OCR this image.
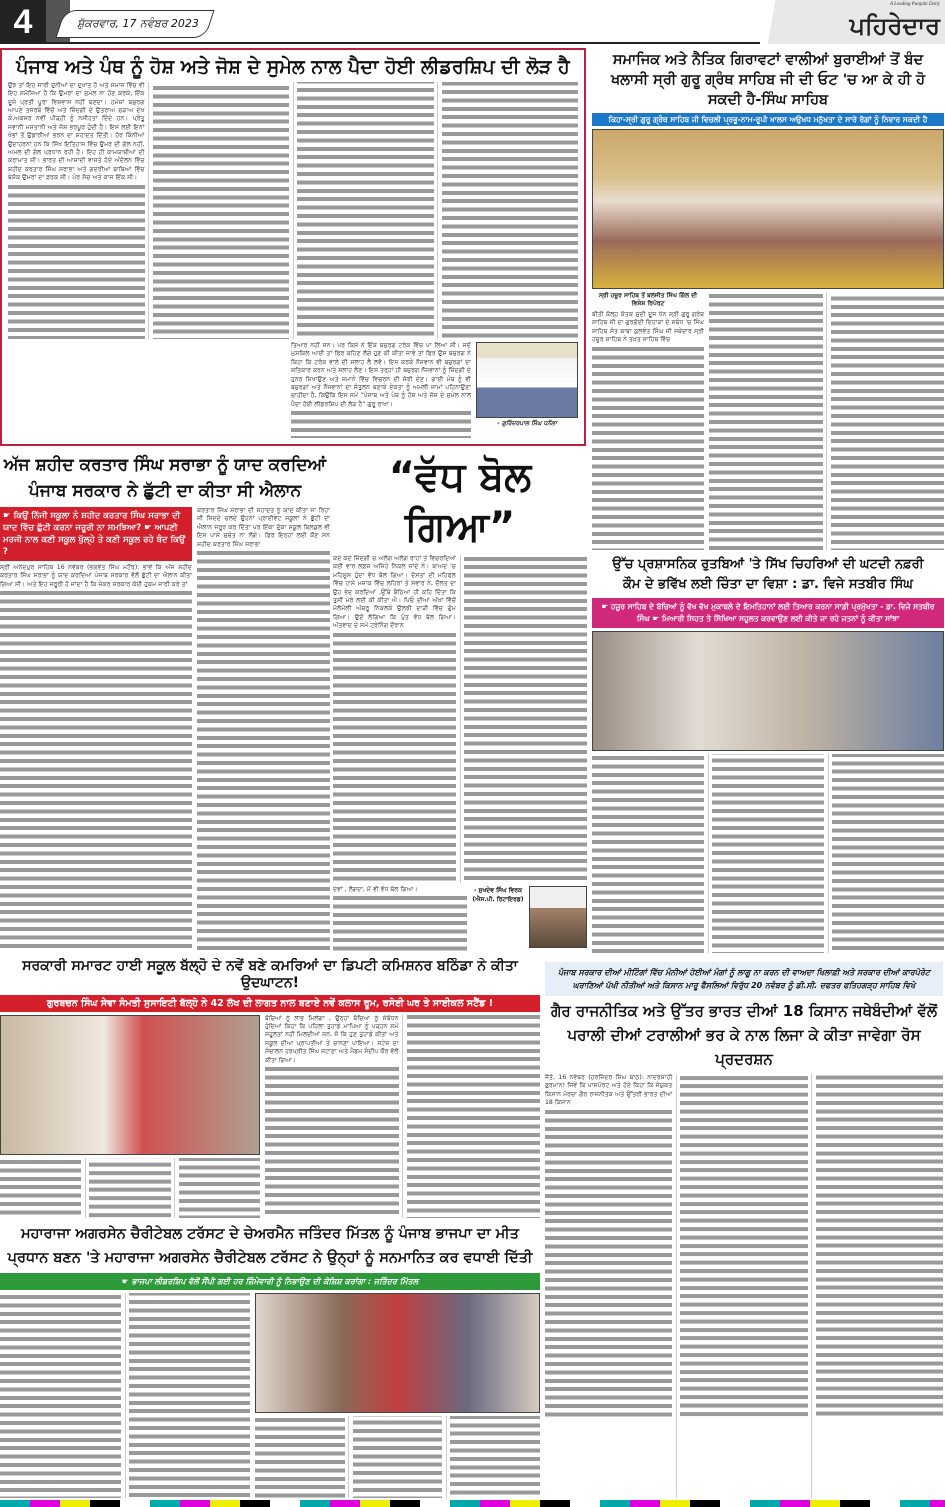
4	ਸ਼ੁੱਕਰਵਾਰ, 17 ਨਵੰਬਰ 2023
A Leading Punjabi Daily
ਪਹਿਰੇਦਾਰ
ਪੰਜਾਬ ਅਤੇ ਪੰਥ ਨੂੰ ਹੋਸ਼ ਅਤੇ ਜੋਸ਼ ਦੇ ਸੁਮੇਲ ਨਾਲ ਪੈਦਾ ਹੋਈ ਲੀਡਰਸ਼ਿਪ ਦੀ ਲੋੜ ਹੈ
ਉਂਝ ਤਾਂ ਇਹ ਸਾਰੀ ਦੁਨੀਆਂ ਦਾ ਦੁਖਾਂਤ ਹੈ ਅਤੇ ਸਮਾਜ ਵਿੱਚ ਵੀ ਇਹ ਸਮੱਸਿਆ ਹੈ ਕਿ ਉਮਰਾਂ ਦਾ ਸੁਮੇਲ ਨਾ ਹੋਣ ਕਰਕੇ, ਇੱਕ ਦੂਜੇ ਪ੍ਰਤੀ ਪੂਰਾ ਵਿਸ਼ਵਾਸ ਨਹੀਂ ਬਣਦਾ। ਹਮੇਸ਼ਾਂ ਬਜ਼ੁਰਗ ਆਪਣੇ ਤਜਰਬੇ ਵਿੱਚੋਂ ਅਤੇ ਜ਼ਿੰਦਗੀ ਦੇ ਉਤਰਾਅ ਚੜਾਅ ਦੇਖ ਕੇ,ਅਕਸਰ ਨਵੀਂ ਪੀੜ੍ਹੀ ਨੂੰ ਨਸੀਹਤਾਂ ਦਿੰਦੇ ਹਨ। ਪ੍ਰੰਤੂ ਜਵਾਨੀ ਮਸਤਾਨੀ ਅਤੇ ਜੋਸ਼ ਭਰਪੂਰ ਹੁੰਦੀ ਹੈ। ਇਸ ਲਈ ਇਨਾਂ ਖੰਭਾਂ ਤੋਂ ਉਡਾਰੀਆਂ ਭਰਨ ਦਾ ਸ਼ਹਾਦਤ ਦਿੱਤੀ। ਹੋਰ ਕਿੰਨੀਆਂ ਉਦਾਹਰਨਾਂ ਹਨ ਕਿ ਸਿੱਖ ਇਤਿਹਾਸ ਵਿੱਚ ਉਮਰ ਦੀ ਗੱਲ ਨਹੀਂ, ਅਮਲ ਦੀ ਗੱਲ ਪ੍ਰਧਾਨ ਰਹੀ ਹੈ। ਇਹ ਹੀ ਕਾਮਯਾਬੀਆਂ ਦੀ ਕਰਾਮਾਤ ਸੀ। ਭਾਰਤ ਦੀ ਆਜ਼ਾਦੀ ਵਾਸਤੇ ਹੋਏ ਅੰਦੋਲਨ ਵਿੱਚ ਸ਼ਹੀਦ ਕਰਤਾਰ ਸਿੰਘ ਸਰਾਭਾ ਅਤੇ ਗਦਰੀਆਂ ਬਾਬਿਆਂ ਵਿੱਚ ਬੇਸ਼ੱਕ ਉਮਰਾਂ ਦਾ ਫ਼ਰਕ ਸੀ। ਪੰਰ ਸੋਚ ਅਤੇ ਕਾਜ ਇੱਕ ਸੀ।
ਤਿਆਰ ਨਹੀਂ ਸਨ। ਪਰ ਕਿਸੇ ਨੇ ਇੱਕ ਬਜ਼ੁਰਗ ਟਰੰਕ ਵਿੱਚ ਪਾ ਲਿਆ ਸੀ। ਜਦੋਂ ਮੁਸ਼ਕਿਲ ਆਈ ਤਾਂ ਫਿਰ ਕਹਿਣ ਲੱਗੇ ਹੁਣ ਕੀ ਕੀਤਾ ਜਾਵੇ ਤਾਂ ਫਿਰ ਉਸ ਬਜ਼ੁਰਗ ਨੇ ਕਿਹਾ ਕਿ ਟਰੰਕ ਵਾਲੇ ਦੀ ਸਲਾਹ ਲੈ ਲਵੋ। ਇਸ ਕਰਕੇ ਨੌਜਵਾਨ ਵੀ ਬਜ਼ੁਰਗਾਂ ਦਾ ਸਤਿਕਾਰ ਕਰਨ ਅਤੇ ਸਲਾਹ ਲੈਣ। ਇਸ ਤਰ੍ਹਾਂ ਹੀ ਬਜ਼ੁਰਗ ਨੌਜਵਾਨਾਂ ਨੂੰ ਜ਼ਿੰਦਗੀ ਦੇ ਹੁਨਰ ਸਿਖਾਉਣ ਅਤੇ ਜ਼ਮਾਨੇ ਵਿੱਚ ਵਿਚਰਨ ਦੀ ਸੋਝੀ ਦੇਣ। ਗਾਈ ਮੰਥ ਨੂੰ ਵੀ ਬਜ਼ੁਰਗਾਂ ਅਤੇ ਨੌਜਵਾਨਾਂ ਦਾ ਸੰਤੁਲਨ ਬਣਾਕੇ ਏਕਤਾ ਨੂੰ ਅਮਲੀ ਜਾਮਾਂ ਪਹਿਨਾਉਣਾ ਚਾਹੀਦਾ ਹੈ, ਕਿਉਂਕਿ ਇਸ ਸਮੇਂ “ਪੰਜਾਬ ਅਤੇ ਪੰਥ ਨੂੰ ਹੋਸ਼ ਅਤੇ ਜੋਸ਼ ਦੇ ਸੁਮੇਲ ਨਾਲ ਪੈਦਾ ਹੋਈ ਲੀਡਰਸ਼ਿਪ ਦੀ ਲੋੜ ਹੈ” ਗੁਰੂ ਰਾਖਾ।
- ਗੁਰਿੰਦਰਪਾਲ ਸਿੰਘ ਧਨੌਲਾ
ਸਮਾਜਿਕ ਅਤੇ ਨੈਤਿਕ ਗਿਰਾਵਟਾਂ ਵਾਲੀਆਂ ਬੁਰਾਈਆਂ ਤੋਂ ਬੰਦ ਖਲਾਸੀ ਸ੍ਰੀ ਗੁਰੂ ਗ੍ਰੰਥ ਸਾਹਿਬ ਜੀ ਦੀ ਓਟ 'ਚ ਆ ਕੇ ਹੀ ਹੋ ਸਕਦੀ ਹੈ-ਸਿੰਘ ਸਾਹਿਬ
ਕਿਹਾ-ਸ੍ਰੀ ਗੁਰੂ ਗ੍ਰੰਥ ਸਾਹਿਬ ਜੀ ਵਿਚਲੀ ਪ੍ਰਭੂ-ਨਾਮ-ਰੂਪੀ ਖਾਲਸ ਅਉਖਧ ਮਨੁੱਖਤਾ ਦੇ ਸਾਰੇ ਰੋਗਾਂ ਨੂੰ ਨਿਵਾਰ ਸਕਦੀ ਹੈ
ਸ੍ਰੀ ਹਜ਼ੂਰ ਸਾਹਿਬ ਤੋਂ ਬਲਜੀਤ ਸਿੰਘ ਗਿੱਲ ਦੀ ਵਿਸ਼ੇਸ਼ ਰਿਪੋਰਟ
ਬੀਤੀ ਕੱਲ੍ਹ ਕੱਤਕ ਸੁਦੀ ਦੂਜ ਧੰਨ ਸ੍ਰੀ ਗੁਰੂ ਗ੍ਰੰਥ ਸਾਹਿਬ ਜੀ ਦਾ ਗੁਰਗੱਦੀ ਦਿਹਾੜਾ ਦੇ ਸਬੰਧ 'ਚ ਸਿੰਘ ਸਾਹਿਬ ਸੰਤ ਬਾਬਾ ਕੁਲਵੰਤ ਸਿੰਘ ਜੀ ਜਥੇਦਾਰ ਸ੍ਰੀ ਹਜ਼ੂਰ ਸਾਹਿਬ ਨੇ ਤਖ਼ਤ ਸਾਹਿਬ ਵਿੱਚ
ਅੱਜ ਸ਼ਹੀਦ ਕਰਤਾਰ ਸਿੰਘ ਸਰਾਭਾ ਨੂੰ ਯਾਦ ਕਰਦਿਆਂ
ਪੰਜਾਬ ਸਰਕਾਰ ਨੇ ਛੁੱਟੀ ਦਾ ਕੀਤਾ ਸੀ ਐਲਾਨ
☛ ਕਿਉਂ ਨਿੱਜੀ ਸਕੂਲਾ ਨੇ ਸ਼ਹੀਦ ਕਰਤਾਰ ਸਿੰਘ ਸਰਾਭਾ ਦੀ ਯਾਦ ਵਿੱਚ ਛੁੱਟੀ ਕਰਨਾ ਜਰੂਰੀ ਨਾ ਸਮਝਿਆ? ☛ ਆਪਣੀ ਮਰਜੀ ਨਾਲ ਕਣੀ ਸਕੂਲ ਖੁੱਲ੍ਹੇ ਤੇ ਕਣੀ ਸਕੂਲ ਰਹੇ ਬੰਦ ਕਿਉਂ ?
ਸ੍ਰੀ ਅਨੰਦਪੁਰ ਸਾਹਿਬ 16 ਨਵੰਬਰ (ਭਗਵੰਤ ਸਿੰਘ ਮਟੌਰ): ਭਾਵੇਂ ਕਿ ਅੱਜ ਸ਼ਹੀਦ ਕਰਤਾਰ ਸਿੰਘ ਸਰਾਭਾ ਨੂੰ ਯਾਦ ਕਰਦਿਆਂ ਪੰਜਾਬ ਸਰਕਾਰ ਵੱਲੋਂ ਛੁੱਟੀ ਦਾ ਐਲਾਨ ਕੀਤਾ ਗਿਆ ਸੀ। ਅਤੇ ਇਹ ਜਰੂਰੀ ਹੋ ਜਾਂਦਾ ਹੈ ਕਿ ਜੇਕਰ ਸਰਕਾਰ ਕੋਈ ਹੁਕਮ ਜਾਰੀ ਕਰੇ ਤਾਂ
ਕਰਤਾਰ ਸਿੰਘ ਸਰਾਭਾ ਦੀ ਸ਼ਹਾਦਤ ਨੂੰ ਯਾਦ ਕੀਤਾ ਜਾ ਰਿਹਾ ਸੀ ਜਿਦਦੇ ਚਲਦੇ ਉਹਨਾਂ ਪ੍ਰਾਈਵੇਟ ਸਕੂਲਾਂ ਨੇ ਛੁੱਟੀ ਦਾ ਐਲਾਨ ਜਰੂਰ ਕਰ ਦਿੱਤਾ ਪਰ ਇੱਕਾ ਦੁੱਕਾ ਸਕੂਲ ਬਿਲਕੁਲ ਵੀ ਇਸ ਪਾਸੇ ਸੁਚੇਤ ਨਾ ਲੱਗੇ। ਫਿਰ ਇਨ੍ਹਾਂ ਲਈ ਕੌਣ ਸਨ ਸ਼ਹੀਦ ਕਰਤਾਰ ਸਿੰਘ ਸਰਾਭਾ
“ਵੱਧ ਬੋਲ ਗਿਆ”
ਕਦੇ ਕਦੇ ਜ਼ਿੰਦਗੀ ਚ ਅਲੱਗ ਅਲੱਗ ਰਾਹਾਂ ਤੇ ਵਿਚਰਦਿਆਂ ਕਈ ਵਾਰ ਲਫ਼ਜ਼ ਅਜਿਹੇ ਨਿਕਲ ਜਾਂਦੇ ਨੇ। ਬਾਅਦ 'ਚ ਮਹਿਸੂਸ ਹੁੰਦਾ ਵੱਧ ਬੋਲ ਗਿਆ। ਦੋਸਤਾਂ ਦੀ ਮਹਿਫਲ ਵਿੱਚ ਹਾਸੇ ਮਜ਼ਾਕ ਵਿੱਚ ਲਹਿਰਾਂ ਤੇ ਸਵਾਰ ਨੇ, ਦੌਲਤ ਦਾ ਉਹ ਭੇਦ ਕਰਦਿਆਂ ,ਉੱਥੇ ਬੈਠਿਆਂ ਹੀ ਕਹਿ ਦਿੱਤਾ ਕਿ ਤੁਸੀਂ ਮੇਰੇ ਲਈ ਕੀ ਕੀਤਾ ਐ। ਪਿਓ ਦੀਆਂ ਅੱਖਾਂ ਵਿੱਚੋਂ ਮੱਲੋਮੱਲੀ ਅੱਥਰੂ ਨਿਕਲਕੇ ਉਲਝੀ ਦਾੜੀ ਵਿੱਚ ਗੁੰਮ ਗਿਆ। ਉਦੋਂ ਲੱਗਿਆ ਕਿ ਪੁੱਤ ਵੱਧ ਬੋਲ ਗਿਆ। ਅੱਤਵਾਦ ਦੇ ਸਮੇਂ ਟ੍ਰੇਨਿੰਗ ਦੌਰਾਨ
ਦੇਵਾਂ , ਲੱਗਦਾ, ਮੈਂ ਵੀ ਵੱਧ ਬੋਲ ਗਿਆ।	- ਸੁਖਦੇਵ ਸਿੰਘ ਵਿਰਕ (ਐਸ.ਪੀ. ਰਿਟਾਇਰਡ)
ਉੱਚ ਪ੍ਰਸ਼ਾਸਨਿਕ ਰੁਤਬਿਆਂ 'ਤੇ ਸਿੱਖ ਚਿਹਰਿਆਂ ਦੀ ਘਟਦੀ ਨਫ਼ਰੀ
ਕੌਮ ਦੇ ਭਵਿੱਖ ਲਈ ਚਿੰਤਾ ਦਾ ਵਿਸ਼ਾ : ਡਾ. ਵਿਜੇ ਸਤਬੀਰ ਸਿੰਘ
☛ ਹਜ਼ੂਰ ਸਾਹਿਬ ਦੇ ਬੱਚਿਆਂ ਨੂੰ ਵੱਖ ਵੱਖ ਮੁਕਾਬਲੇ ਦੇ ਇਮਤਿਹਾਨਾਂ ਲਈ ਤਿਆਰ ਕਰਨਾ ਸਾਡੀ ਪ੍ਰਮੁੱਖਤਾ - ਡਾ. ਵਿਜੇ ਸਤਬੀਰ ਸਿੰਘ ☛ ਮਿਆਰੀ ਸਿਹਤ ਤੇ ਸਿੱਖਿਆ ਸਹੂਲਤ ਕਰਵਾਉਣ ਲਈ ਕੀਤੇ ਜਾ ਰਹੇ ਜਤਨਾਂ ਨੂੰ ਕੀਤਾ ਸਾਂਝਾ
ਸਰਕਾਰੀ ਸਮਾਰਟ ਹਾਈ ਸਕੂਲ ਬੱਲ੍ਹੋ ਦੇ ਨਵੇਂ ਬਣੇ ਕਮਰਿਆਂ ਦਾ ਡਿਪਟੀ ਕਮਿਸ਼ਨਰ ਬਠਿੰਡਾ ਨੇ ਕੀਤਾ ਉਦਘਾਟਨ!
ਗੁਰਬਚਨ ਸਿੰਘ ਸੇਵਾ ਸੰਮਤੀ ਸੁਸਾਇਟੀ ਬੱਲ੍ਹੋ ਨੇ 42 ਲੱਖ ਦੀ ਲਾਗਤ ਨਾਲ ਬਣਾਏ ਨਵੇਂ ਕਲਾਸ ਰੂਮ, ਰਸੋਈ ਘਰ ਤੇ ਸਾਈਕਲ ਸਟੈਂਡ !
ਬੱਚਿਆਂ ਨੂੰ ਲਾਭ ਮਿਲੇਗਾ , ਉਨ੍ਹਾਂ ਬੱਚਿਆ ਨੂੰ ਸੰਬੋਧਨ ਹੁੰਦਿਆਂ ਕਿਹਾ ਕਿ ਪਹਿਲਾ ਤੁਹਾਡੇ ਮਾਪਿਆ ਨੂੰ ਪੜ੍ਹਨ ਸਮੇਂ ਸਹੂਲਤਾਂ ਨਹੀਂ ਮਿਲਦੀਆਂ ਸਨ, ਜੋ ਕਿ ਹੁਣ ਤੁਹਾਡੇ ਕੀਤਾ ਅਤੇ ਸਕੂਲ ਦੀਆ ਪ੍ਰਾਪਤੀਆਂ ਤੇ ਚਾਨਣਾ ਪਾਇਆ। ਸਟੇਜ ਦਾ ਸੰਚਾਲਨ ਹਰਪ੍ਰੀਤ ਸਿੰਘ ਜਟਾਣਾ ਅਤੇ ਮੈਡਮ ਸੰਦੀਪ ਕੌਰ ਵੱਲੋਂ ਕੀਤਾ ਗਿਆ।
ਪੰਜਾਬ ਸਰਕਾਰ ਦੀਆਂ ਮੀਟਿੰਗਾਂ ਵਿੱਚ ਮੰਨੀਆਂ ਹੋਈਆਂ ਮੰਗਾਂ ਨੂੰ ਲਾਗੂ ਨਾ ਕਰਨ ਦੀ ਵਾਅਦਾ ਖਿਲਾਫ਼ੀ ਅਤੇ ਸਰਕਾਰ ਦੀਆਂ ਕਾਰਪੋਰੇਟ ਘਰਾਣਿਆਂ ਪੱਖੀ ਨੀਤੀਆਂ ਅਤੇ ਕਿਸਾਨ ਮਾਰੂ ਫੈਸਲਿਆਂ ਵਿਰੁੱਧ 20 ਨਵੰਬਰ ਨੂੰ ਡੀ.ਸੀ. ਦਫਤਰ ਫਤਿਹਗੜ੍ਹ ਸਾਹਿਬ ਵਿਖੇ
ਗੈਰ ਰਾਜਨੀਤਿਕ ਅਤੇ ਉੱਤਰ ਭਾਰਤ ਦੀਆਂ 18 ਕਿਸਾਨ ਜਥੇਬੰਦੀਆਂ ਵੱਲੋਂ ਪਰਾਲੀ ਦੀਆਂ ਟਰਾਲੀਆਂ ਭਰ ਕੇ ਨਾਲ ਲਿਜਾ ਕੇ ਕੀਤਾ ਜਾਵੇਗਾ ਰੋਸ ਪ੍ਰਦਰਸ਼ਨ
ਜੈਤੋ, 16 ਨਵੰਬਰ (ਹਰਜਿੰਦਰ ਸਿੰਘ ਬਾਠ): ਨਾਦਰਸ਼ਾਹੀ ਫ਼ੁਰਮਾਨ! ਜਿਵੇਂ ਕਿ ਪਾਸਪੋਰਟ ਅਤੇ ਹੋਏ ਕਿਹਾ ਕਿ ਸੰਯੁਕਤ ਕਿਸਾਨ ਮੋਰਚਾ ਗੈਰ ਰਾਜਨੀਤਕ ਅਤੇ ਉੱਤਰੀ ਭਾਰਤ ਦੀਆਂ 18 ਕਿਸਾਨ
ਮਹਾਰਾਜਾ ਅਗਰਸੇਨ ਚੈਰੀਟੇਬਲ ਟਰੱਸਟ ਦੇ ਚੇਅਰਮੈਨ ਜਤਿੰਦਰ ਮਿੱਤਲ ਨੂੰ ਪੰਜਾਬ ਭਾਜਪਾ ਦਾ ਮੀਤ ਪ੍ਰਧਾਨ ਬਣਨ 'ਤੇ ਮਹਾਰਾਜਾ ਅਗਰਸੇਨ ਚੈਰੀਟੇਬਲ ਟਰੱਸਟ ਨੇ ਉਨ੍ਹਾਂ ਨੂੰ ਸਨਮਾਨਿਤ ਕਰ ਵਧਾਈ ਦਿੱਤੀ
☛ ਭਾਜਪਾ ਲੀਡਰਸ਼ਿਪ ਵੱਲੋਂ ਸੌਂਪੀ ਗਈ ਹਰ ਜ਼ਿੰਮੇਵਾਰੀ ਨੂੰ ਨਿਭਾਉਣ ਦੀ ਕੋਸ਼ਿਸ਼ ਕਰਾਂਗਾ : ਜਤਿੰਦਰ ਮਿੱਤਲ
